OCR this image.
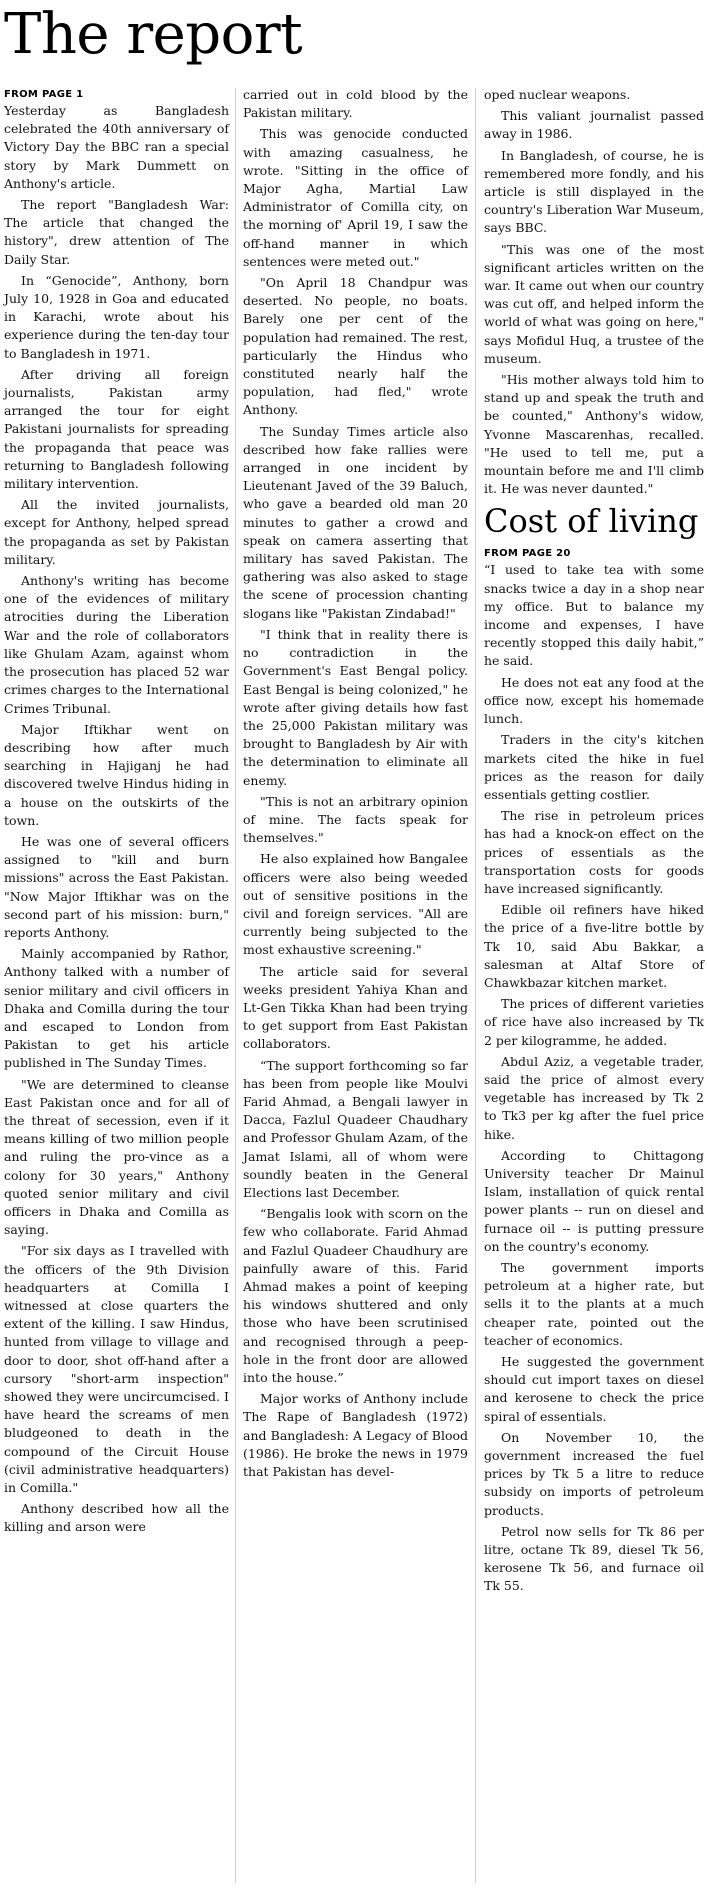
The report
FROM PAGE 1

Yesterday as Bangladesh celebrated the 40th anniversary of Victory Day the BBC ran a special story by Mark Dummett on Anthony's article.

The report "Bangladesh War: The article that changed the history", drew attention of The Daily Star.

In “Genocide”, Anthony, born July 10, 1928 in Goa and educated in Karachi, wrote about his experience during the ten-day tour to Bangladesh in 1971.

After driving all foreign journalists, Pakistan army arranged the tour for eight Pakistani journalists for spreading the propaganda that peace was returning to Bangladesh following military intervention.

All the invited journalists, except for Anthony, helped spread the propaganda as set by Pakistan military.

Anthony's writing has become one of the evidences of military atrocities during the Liberation War and the role of collaborators like Ghulam Azam, against whom the prosecution has placed 52 war crimes charges to the International Crimes Tribunal.

Major Iftikhar went on describing how after much searching in Hajiganj he had discovered twelve Hindus hiding in a house on the outskirts of the town.

He was one of several officers assigned to "kill and burn missions" across the East Pakistan. "Now Major Iftikhar was on the second part of his mission: burn," reports Anthony.

Mainly accompanied by Rathor, Anthony talked with a number of senior military and civil officers in Dhaka and Comilla during the tour and escaped to London from Pakistan to get his article published in The Sunday Times.

"We are determined to cleanse East Pakistan once and for all of the threat of secession, even if it means killing of two million people and ruling the pro-vince as a colony for 30 years," Anthony quoted senior military and civil officers in Dhaka and Comilla as saying.

"For six days as I travelled with the officers of the 9th Division headquarters at Comilla I witnessed at close quarters the extent of the killing. I saw Hindus, hunted from village to village and door to door, shot off-hand after a cursory "short-arm inspection" showed they were uncircumcised. I have heard the screams of men bludgeoned to death in the compound of the Circuit House (civil administrative headquarters) in Comilla."

Anthony described how all the killing and arson were

carried out in cold blood by the Pakistan military.

This was genocide conducted with amazing casualness, he wrote. "Sitting in the office of Major Agha, Martial Law Administrator of Comilla city, on the morning of' April 19, I saw the off-hand manner in which sentences were meted out."

"On April 18 Chandpur was deserted. No people, no boats. Barely one per cent of the population had remained. The rest, particularly the Hindus who constituted nearly half the population, had fled," wrote Anthony.

The Sunday Times article also described how fake rallies were arranged in one incident by Lieutenant Javed of the 39 Baluch, who gave a bearded old man 20 minutes to gather a crowd and speak on camera asserting that military has saved Pakistan. The gathering was also asked to stage the scene of procession chanting slogans like "Pakistan Zindabad!"

"I think that in reality there is no contradiction in the Government's East Bengal policy. East Bengal is being colonized," he wrote after giving details how fast the 25,000 Pakistan military was brought to Bangladesh by Air with the determination to eliminate all enemy.

"This is not an arbitrary opinion of mine. The facts speak for themselves."

He also explained how Bangalee officers were also being weeded out of sensitive positions in the civil and foreign services. "All are currently being subjected to the most exhaustive screening."

The article said for several weeks president Yahiya Khan and Lt-Gen Tikka Khan had been trying to get support from East Pakistan collaborators.

“The support forthcoming so far has been from people like Moulvi Farid Ahmad, a Bengali lawyer in Dacca, Fazlul Quadeer Chaudhary and Professor Ghulam Azam, of the Jamat Islami, all of whom were soundly beaten in the General Elections last December.

“Bengalis look with scorn on the few who collaborate. Farid Ahmad and Fazlul Quadeer Chaudhury are painfully aware of this. Farid Ahmad makes a point of keeping his windows shuttered and only those who have been scrutinised and recognised through a peep-hole in the front door are allowed into the house.”

Major works of Anthony include The Rape of Bangladesh (1972) and Bangladesh: A Legacy of Blood (1986). He broke the news in 1979 that Pakistan has devel-

oped nuclear weapons.

This valiant journalist passed away in 1986.

In Bangladesh, of course, he is remembered more fondly, and his article is still displayed in the country's Liberation War Museum, says BBC.

"This was one of the most significant articles written on the war. It came out when our country was cut off, and helped inform the world of what was going on here," says Mofidul Huq, a trustee of the museum.

"His mother always told him to stand up and speak the truth and be counted," Anthony's widow, Yvonne Mascarenhas, recalled. "He used to tell me, put a mountain before me and I'll climb it. He was never daunted."

Cost of living
FROM PAGE 20

“I used to take tea with some snacks twice a day in a shop near my office. But to balance my income and expenses, I have recently stopped this daily habit,” he said.

He does not eat any food at the office now, except his homemade lunch.

Traders in the city's kitchen markets cited the hike in fuel prices as the reason for daily essentials getting costlier.

The rise in petroleum prices has had a knock-on effect on the prices of essentials as the transportation costs for goods have increased significantly.

Edible oil refiners have hiked the price of a five-litre bottle by Tk 10, said Abu Bakkar, a salesman at Altaf Store of Chawkbazar kitchen market.

The prices of different varieties of rice have also increased by Tk 2 per kilogramme, he added.

Abdul Aziz, a vegetable trader, said the price of almost every vegetable has increased by Tk 2 to Tk3 per kg after the fuel price hike.

According to Chittagong University teacher Dr Mainul Islam, installation of quick rental power plants -- run on diesel and furnace oil -- is putting pressure on the country's economy.

The government imports petroleum at a higher rate, but sells it to the plants at a much cheaper rate, pointed out the teacher of economics.

He suggested the government should cut import taxes on diesel and kerosene to check the price spiral of essentials.

On November 10, the government increased the fuel prices by Tk 5 a litre to reduce subsidy on imports of petroleum products.

Petrol now sells for Tk 86 per litre, octane Tk 89, diesel Tk 56, kerosene Tk 56, and furnace oil Tk 55.
